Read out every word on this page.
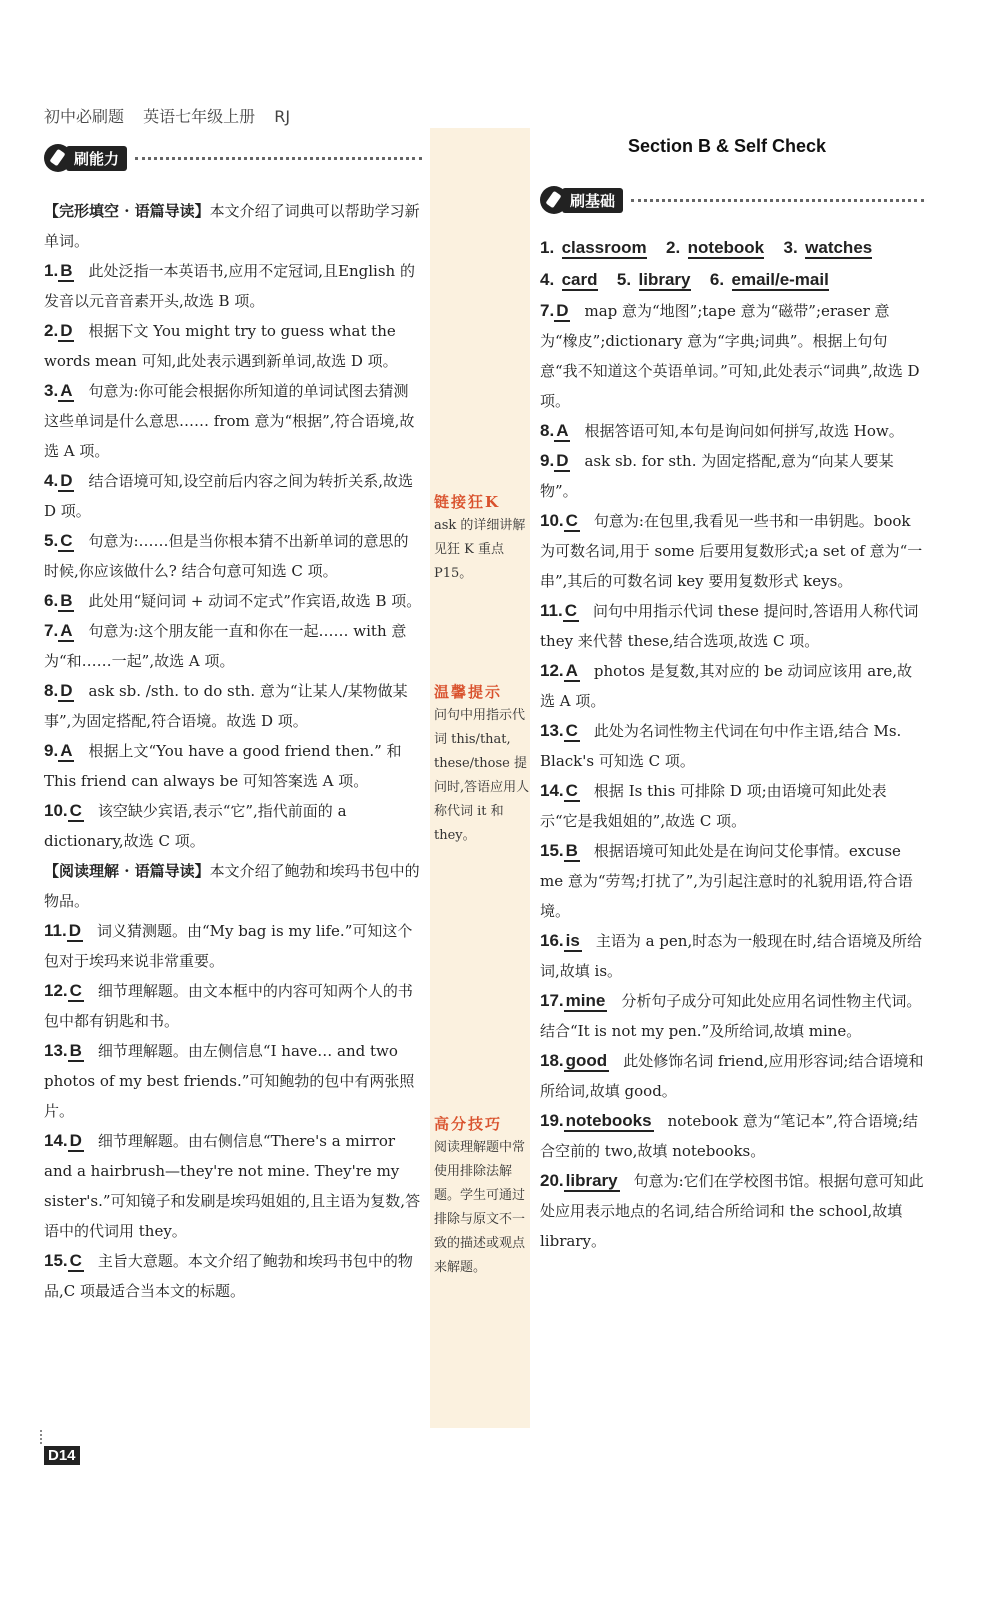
初中必刷题 英语七年级上册 RJ
Section B & Self Check
刷能力
刷基础
【完形填空 · 语篇导读】本文介绍了词典可以帮助学习新单词。
1. B 此处泛指一本英语书,应用不定冠词,且English 的发音以元音音素开头,故选 B 项。
2. D 根据下文 You might try to guess what the words mean 可知,此处表示遇到新单词,故选 D 项。
3. A 句意为:你可能会根据你所知道的单词试图去猜测这些单词是什么意思…… from 意为“根据”,符合语境,故选 A 项。
4. D 结合语境可知,设空前后内容之间为转折关系,故选 D 项。
5. C 句意为:……但是当你根本猜不出新单词的意思的时候,你应该做什么? 结合句意可知选 C 项。
6. B 此处用“疑问词 + 动词不定式”作宾语,故选 B 项。
7. A 句意为:这个朋友能一直和你在一起…… with 意为“和……一起”,故选 A 项。
8. D ask sb. /sth. to do sth. 意为“让某人/某物做某事”,为固定搭配,符合语境。故选 D 项。
9. A 根据上文“You have a good friend then.” 和 This friend can always be 可知答案选 A 项。
10. C 该空缺少宾语,表示“它”,指代前面的 a dictionary,故选 C 项。
【阅读理解 · 语篇导读】本文介绍了鲍勃和埃玛书包中的物品。
11. D 词义猜测题。由“My bag is my life.”可知这个包对于埃玛来说非常重要。
12. C 细节理解题。由文本框中的内容可知两个人的书包中都有钥匙和书。
13. B 细节理解题。由左侧信息“I have… and two photos of my best friends.”可知鲍勃的包中有两张照片。
14. D 细节理解题。由右侧信息“There's a mirror and a hairbrush—they're not mine. They're my sister's.”可知镜子和发刷是埃玛姐姐的,且主语为复数,答语中的代词用 they。
15. C 主旨大意题。本文介绍了鲍勃和埃玛书包中的物品,C 项最适合当本文的标题。
链接狂K
ask 的详细讲解见狂 K 重点 P15。
温馨提示
问句中用指示代词 this/that, these/those 提问时,答语应用人称代词 it 和 they。
高分技巧
阅读理解题中常使用排除法解题。学生可通过排除与原文不一致的描述或观点来解题。
1. classroom 2. notebook 3. watches
4. card 5. library 6. email/e-mail
7. D map 意为“地图”;tape 意为“磁带”;eraser 意为“橡皮”;dictionary 意为“字典;词典”。根据上句句意“我不知道这个英语单词。”可知,此处表示“词典”,故选 D 项。
8. A 根据答语可知,本句是询问如何拼写,故选 How。
9. D ask sb. for sth. 为固定搭配,意为“向某人要某物”。
10. C 句意为:在包里,我看见一些书和一串钥匙。book 为可数名词,用于 some 后要用复数形式;a set of 意为“一串”,其后的可数名词 key 要用复数形式 keys。
11. C 问句中用指示代词 these 提问时,答语用人称代词 they 来代替 these,结合选项,故选 C 项。
12. A photos 是复数,其对应的 be 动词应该用 are,故选 A 项。
13. C 此处为名词性物主代词在句中作主语,结合 Ms. Black's 可知选 C 项。
14. C 根据 Is this 可排除 D 项;由语境可知此处表示“它是我姐姐的”,故选 C 项。
15. B 根据语境可知此处是在询问艾伦事情。excuse me 意为“劳驾;打扰了”,为引起注意时的礼貌用语,符合语境。
16. is 主语为 a pen,时态为一般现在时,结合语境及所给词,故填 is。
17. mine 分析句子成分可知此处应用名词性物主代词。结合“It is not my pen.”及所给词,故填 mine。
18. good 此处修饰名词 friend,应用形容词;结合语境和所给词,故填 good。
19. notebooks notebook 意为“笔记本”,符合语境;结合空前的 two,故填 notebooks。
20. library 句意为:它们在学校图书馆。根据句意可知此处应用表示地点的名词,结合所给词和 the school,故填 library。
D14
